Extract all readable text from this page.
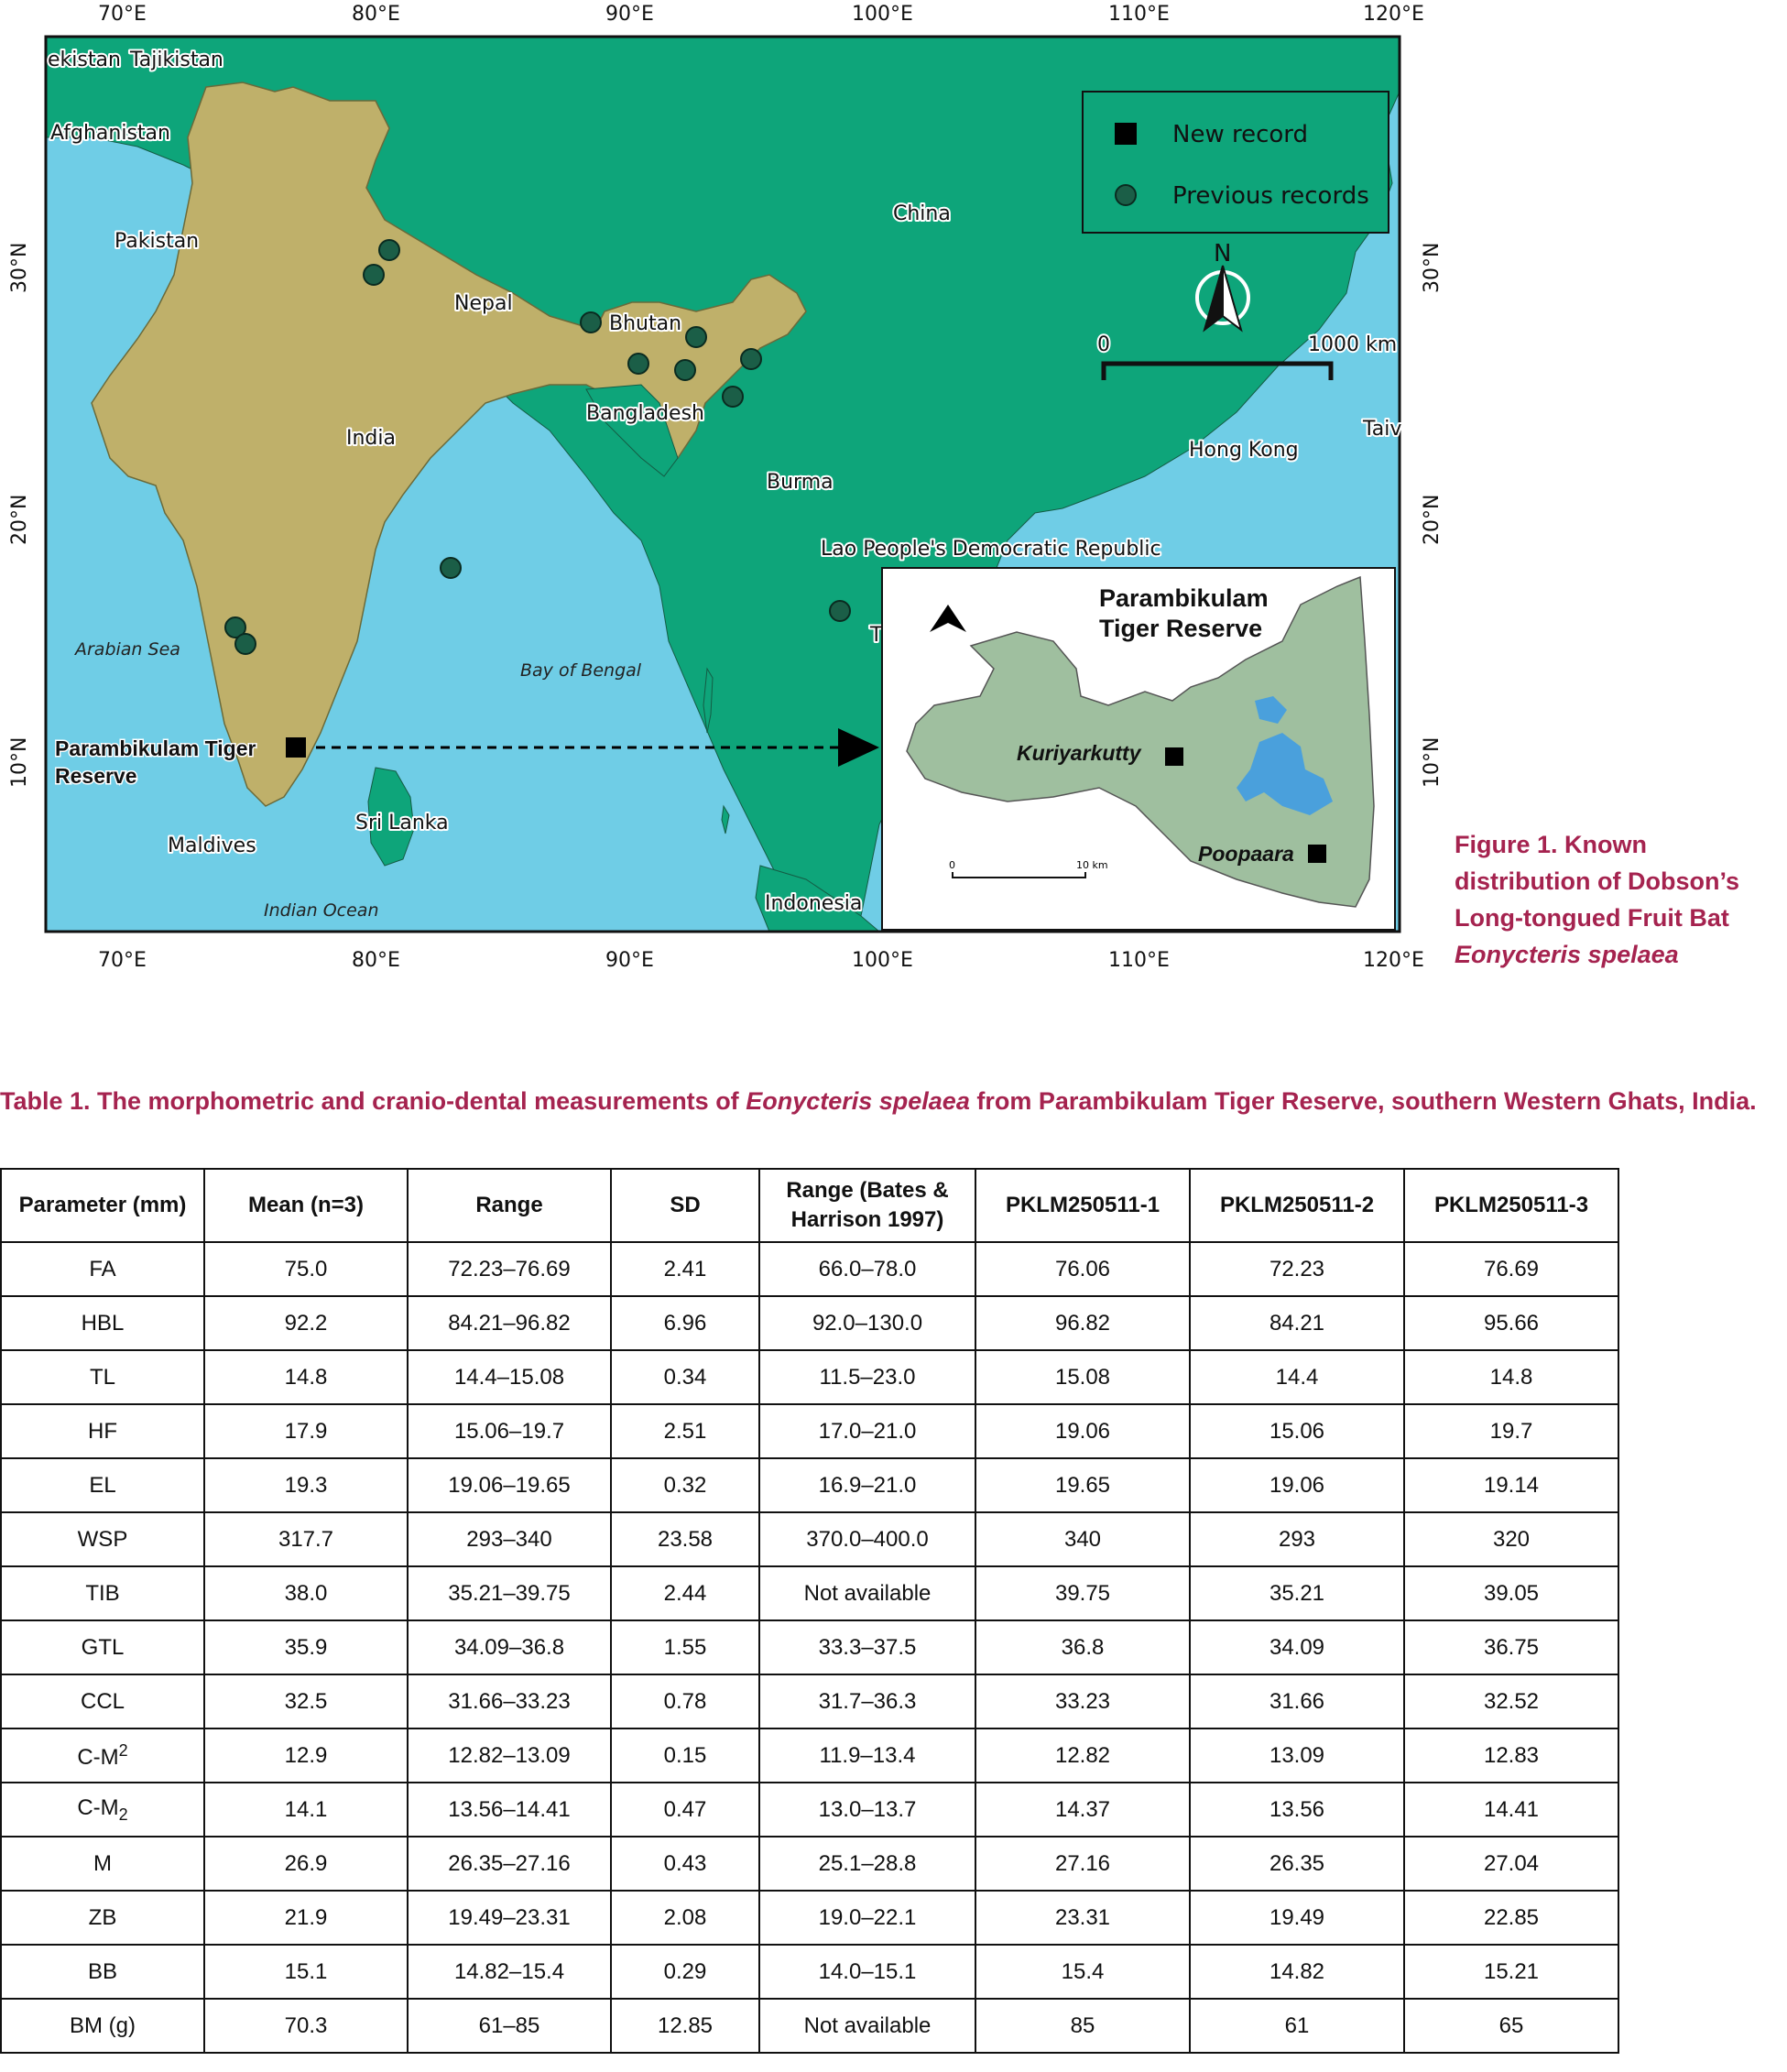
ekistan Tajikistan
Afghanistan
Pakistan
Nepal
Bhutan
Bangladesh
India
China
Burma
Hong Kong
Taiv
Lao People's Democratic Republic
Sri Lanka
Maldives
Indonesia
T
Arabian Sea
Bay of Bengal
Indian Ocean
Parambikulam Tiger
Reserve
New record
Previous records
N
0	1000 km
Parambikulam
Tiger Reserve
Kuriyarkutty
Poopaara
0	10 km
70°E	80°E	90°E	100°E	110°E	120°E
70°E	80°E	90°E	100°E	110°E	120°E
30°N
20°N
10°N
30°N
20°N
10°N
Figure 1. Known distribution of Dobson’s Long-tongued Fruit Bat Eonycteris spelaea
Table 1. The morphometric and cranio-dental measurements of Eonycteris spelaea from Parambikulam Tiger Reserve, southern Western Ghats, India.
Parameter (mm)	Mean (n=3)	Range	SD	Range (Bates & Harrison 1997)	PKLM250511-1	PKLM250511-2	PKLM250511-3
FA	75.0	72.23–76.69	2.41	66.0–78.0	76.06	72.23	76.69
HBL	92.2	84.21–96.82	6.96	92.0–130.0	96.82	84.21	95.66
TL	14.8	14.4–15.08	0.34	11.5–23.0	15.08	14.4	14.8
HF	17.9	15.06–19.7	2.51	17.0–21.0	19.06	15.06	19.7
EL	19.3	19.06–19.65	0.32	16.9–21.0	19.65	19.06	19.14
WSP	317.7	293–340	23.58	370.0–400.0	340	293	320
TIB	38.0	35.21–39.75	2.44	Not available	39.75	35.21	39.05
GTL	35.9	34.09–36.8	1.55	33.3–37.5	36.8	34.09	36.75
CCL	32.5	31.66–33.23	0.78	31.7–36.3	33.23	31.66	32.52
$C-M^2$	12.9	12.82–13.09	0.15	11.9–13.4	12.82	13.09	12.83
$C-M_2$	14.1	13.56–14.41	0.47	13.0–13.7	14.37	13.56	14.41
M	26.9	26.35–27.16	0.43	25.1–28.8	27.16	26.35	27.04
ZB	21.9	19.49–23.31	2.08	19.0–22.1	23.31	19.49	22.85
BB	15.1	14.82–15.4	0.29	14.0–15.1	15.4	14.82	15.21
BM (g)	70.3	61–85	12.85	Not available	85	61	65
